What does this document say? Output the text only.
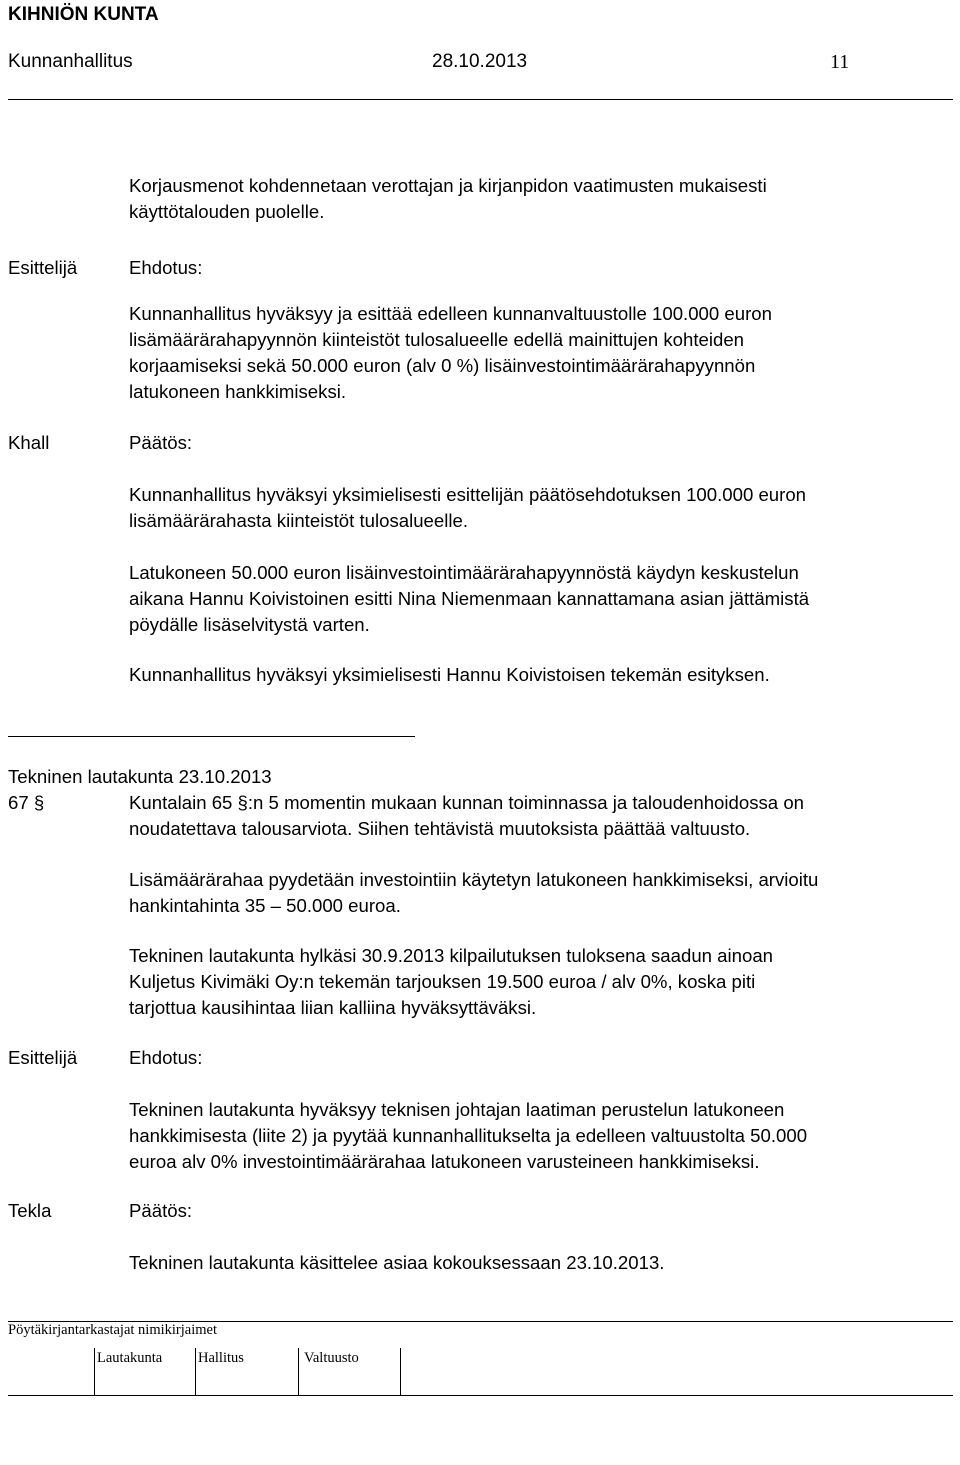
KIHNIÖN KUNTA
Kunnanhallitus	28.10.2013	11
Korjausmenot kohdennetaan verottajan ja kirjanpidon vaatimusten mukaisesti
käyttötalouden puolelle.
Esittelijä	Ehdotus:
Kunnanhallitus hyväksyy ja esittää edelleen kunnanvaltuustolle 100.000 euron
lisämäärärahapyynnön kiinteistöt tulosalueelle edellä mainittujen kohteiden
korjaamiseksi sekä 50.000 euron (alv 0 %) lisäinvestointimäärärahapyynnön
latukoneen hankkimiseksi.
Khall	Päätös:
Kunnanhallitus hyväksyi yksimielisesti esittelijän päätösehdotuksen 100.000 euron
lisämäärärahasta kiinteistöt tulosalueelle.
Latukoneen 50.000 euron lisäinvestointimäärärahapyynnöstä käydyn keskustelun
aikana Hannu Koivistoinen esitti Nina Niemenmaan kannattamana asian jättämistä
pöydälle lisäselvitystä varten.
Kunnanhallitus hyväksyi yksimielisesti Hannu Koivistoisen tekemän esityksen.
Tekninen lautakunta 23.10.2013
67 §	Kuntalain 65 §:n 5 momentin mukaan kunnan toiminnassa ja taloudenhoidossa on
noudatettava talousarviota. Siihen tehtävistä muutoksista päättää valtuusto.
Lisämäärärahaa pyydetään investointiin käytetyn latukoneen hankkimiseksi, arvioitu
hankintahinta 35 – 50.000 euroa.
Tekninen lautakunta hylkäsi 30.9.2013 kilpailutuksen tuloksena saadun ainoan
Kuljetus Kivimäki Oy:n tekemän tarjouksen 19.500 euroa / alv 0%, koska piti
tarjottua kausihintaa liian kalliina hyväksyttäväksi.
Esittelijä	Ehdotus:
Tekninen lautakunta hyväksyy teknisen johtajan laatiman perustelun latukoneen
hankkimisesta (liite 2) ja pyytää kunnanhallitukselta ja edelleen valtuustolta 50.000
euroa alv 0% investointimäärärahaa latukoneen varusteineen hankkimiseksi.
Tekla	Päätös:
Tekninen lautakunta käsittelee asiaa kokouksessaan 23.10.2013.
Pöytäkirjantarkastajat nimikirjaimet
Lautakunta Hallitus	Valtuusto
